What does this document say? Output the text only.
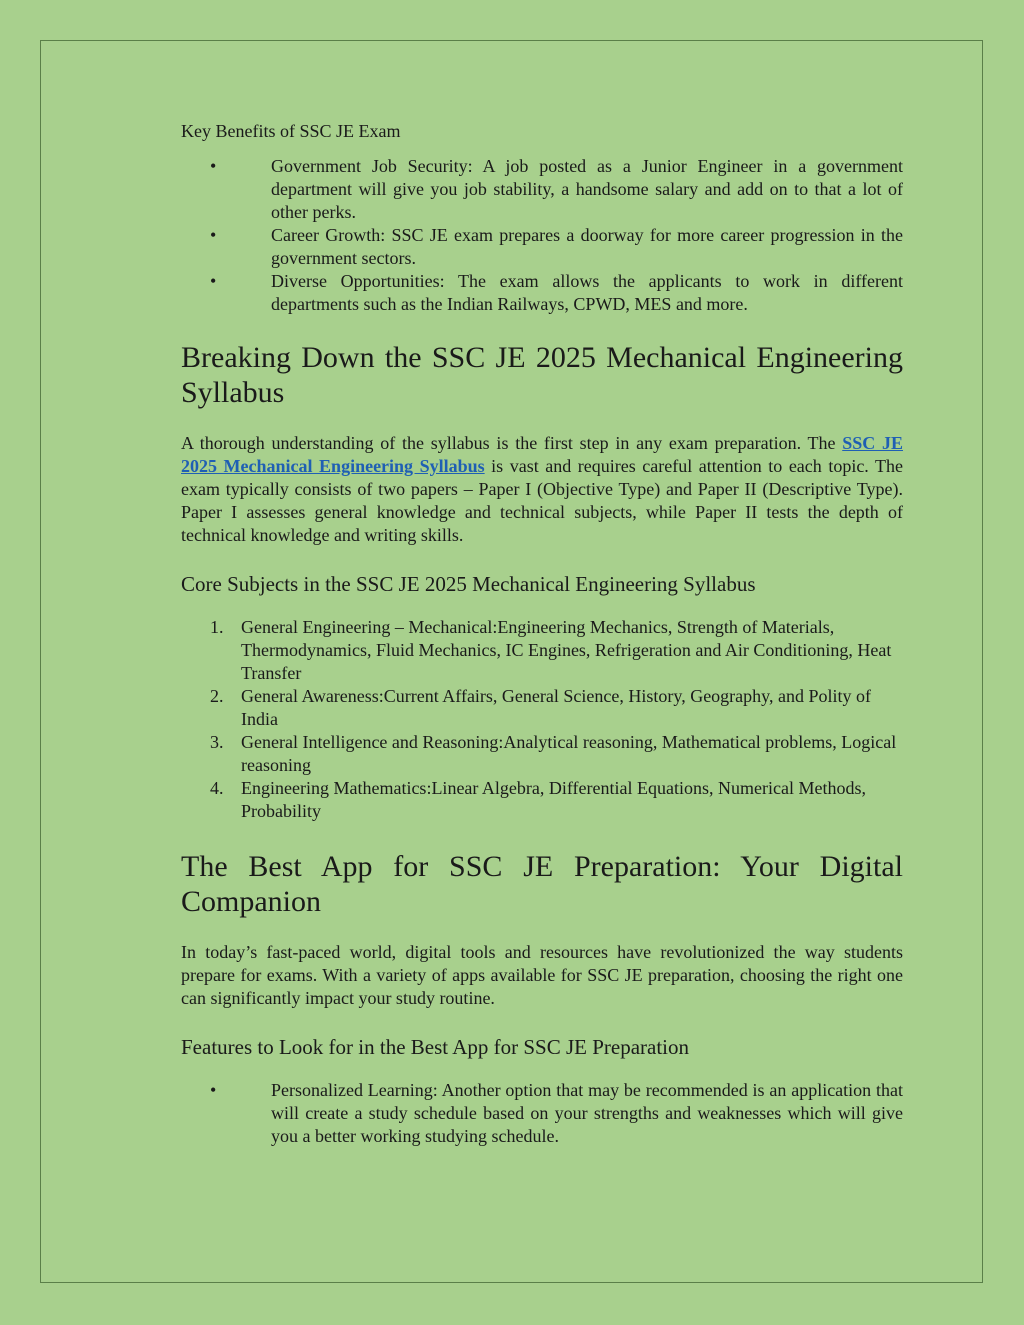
Key Benefits of SSC JE Exam

•	Government Job Security: A job posted as a Junior Engineer in a government department will give you job stability, a handsome salary and add on to that a lot of other perks.
•	Career Growth: SSC JE exam prepares a doorway for more career progression in the government sectors.
•	Diverse Opportunities: The exam allows the applicants to work in different departments such as the Indian Railways, CPWD, MES and more.
Breaking Down the SSC JE 2025 Mechanical Engineering
Syllabus

A thorough understanding of the syllabus is the first step in any exam preparation. The SSC JE 2025 Mechanical Engineering Syllabus is vast and requires careful attention to each topic. The exam typically consists of two papers – Paper I (Objective Type) and Paper II (Descriptive Type). Paper I assesses general knowledge and technical subjects, while Paper II tests the depth of technical knowledge and writing skills.

Core Subjects in the SSC JE 2025 Mechanical Engineering Syllabus
1. General Engineering – Mechanical:Engineering Mechanics, Strength of Materials, Thermodynamics, Fluid Mechanics, IC Engines, Refrigeration and Air Conditioning, Heat Transfer
2. General Awareness:Current Affairs, General Science, History, Geography, and Polity of India
3. General Intelligence and Reasoning:Analytical reasoning, Mathematical problems, Logical reasoning
4. Engineering Mathematics:Linear Algebra, Differential Equations, Numerical Methods, Probability
The Best App for SSC JE Preparation: Your Digital
Companion

In today’s fast-paced world, digital tools and resources have revolutionized the way students prepare for exams. With a variety of apps available for SSC JE preparation, choosing the right one can significantly impact your study routine.

Features to Look for in the Best App for SSC JE Preparation
•	Personalized Learning: Another option that may be recommended is an application that will create a study schedule based on your strengths and weaknesses which will give you a better working studying schedule.
